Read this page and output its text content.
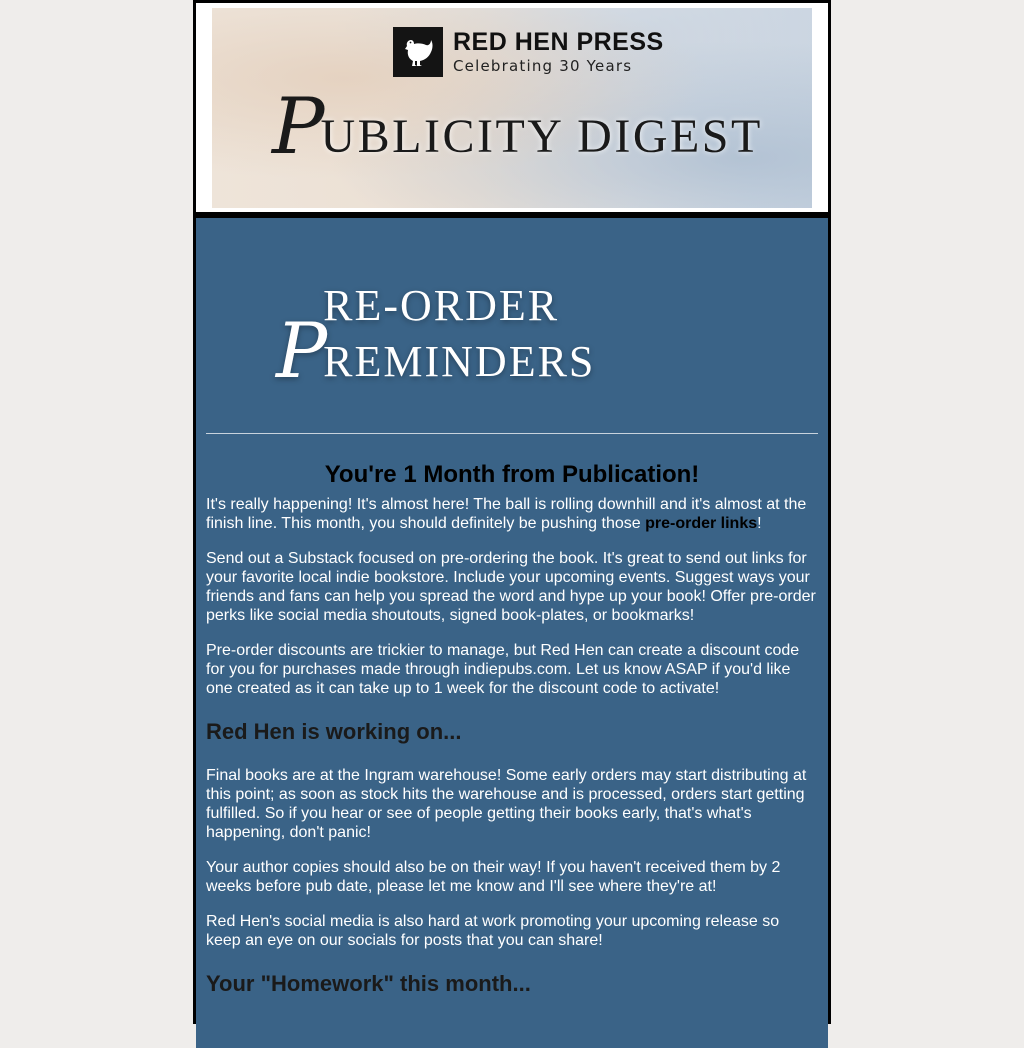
RED HEN PRESS
Celebrating 30 Years
P
UBLICITY DIGEST
P
RE-ORDER REMINDERS
You're 1 Month from Publication!

It's really happening! It's almost here! The ball is rolling downhill and it's almost at the finish line. This month, you should definitely be pushing those pre-order links!

Send out a Substack focused on pre-ordering the book. It's great to send out links for your favorite local indie bookstore. Include your upcoming events. Suggest ways your friends and fans can help you spread the word and hype up your book! Offer pre-order perks like social media shoutouts, signed book-plates, or bookmarks!

Pre-order discounts are trickier to manage, but Red Hen can create a discount code for you for purchases made through indiepubs.com. Let us know ASAP if you'd like one created as it can take up to 1 week for the discount code to activate!

Red Hen is working on...

Final books are at the Ingram warehouse! Some early orders may start distributing at this point; as soon as stock hits the warehouse and is processed, orders start getting fulfilled. So if you hear or see of people getting their books early, that's what's happening, don't panic!

Your author copies should also be on their way! If you haven't received them by 2 weeks before pub date, please let me know and I'll see where they're at!

Red Hen's social media is also hard at work promoting your upcoming release so keep an eye on our socials for posts that you can share!

Your "Homework" this month...
